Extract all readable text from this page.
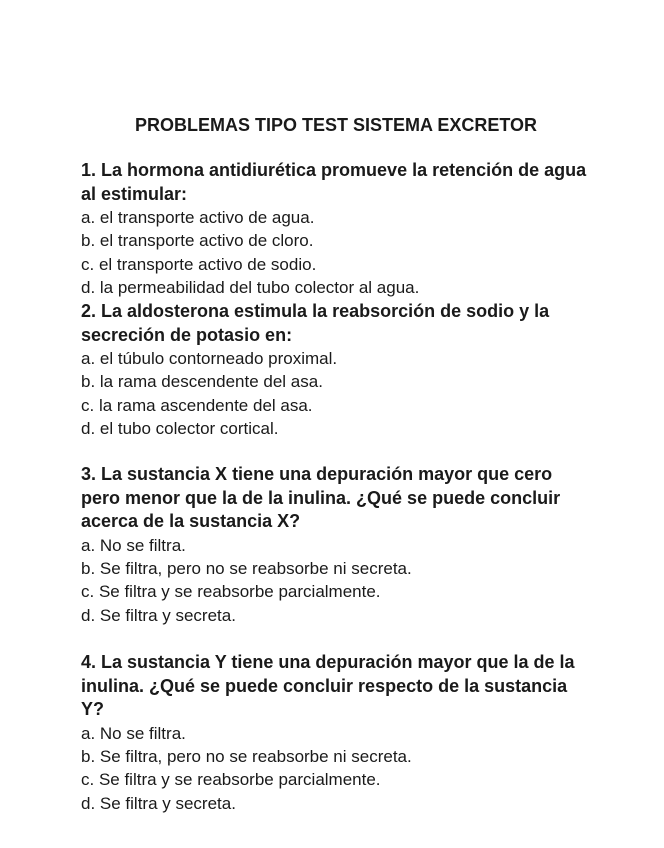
PROBLEMAS TIPO TEST SISTEMA EXCRETOR

1. La hormona antidiurética promueve la retención de agua al estimular:

a. el transporte activo de agua.
b. el transporte activo de cloro.
c. el transporte activo de sodio.
d. la permeabilidad del tubo colector al agua.

2. La aldosterona estimula la reabsorción de sodio y la secreción de potasio en:

a. el túbulo contorneado proximal.
b. la rama descendente del asa.
c. la rama ascendente del asa.
d. el tubo colector cortical.

3. La sustancia X tiene una depuración mayor que cero pero menor que la de la inulina. ¿Qué se puede concluir acerca de la sustancia X?

a. No se filtra.
b. Se filtra, pero no se reabsorbe ni secreta.
c. Se filtra y se reabsorbe parcialmente.
d. Se filtra y secreta.

4. La sustancia Y tiene una depuración mayor que la de la inulina. ¿Qué se puede concluir respecto de la sustancia Y?

a. No se filtra.
b. Se filtra, pero no se reabsorbe ni secreta.
c. Se filtra y se reabsorbe parcialmente.
d. Se filtra y secreta.
